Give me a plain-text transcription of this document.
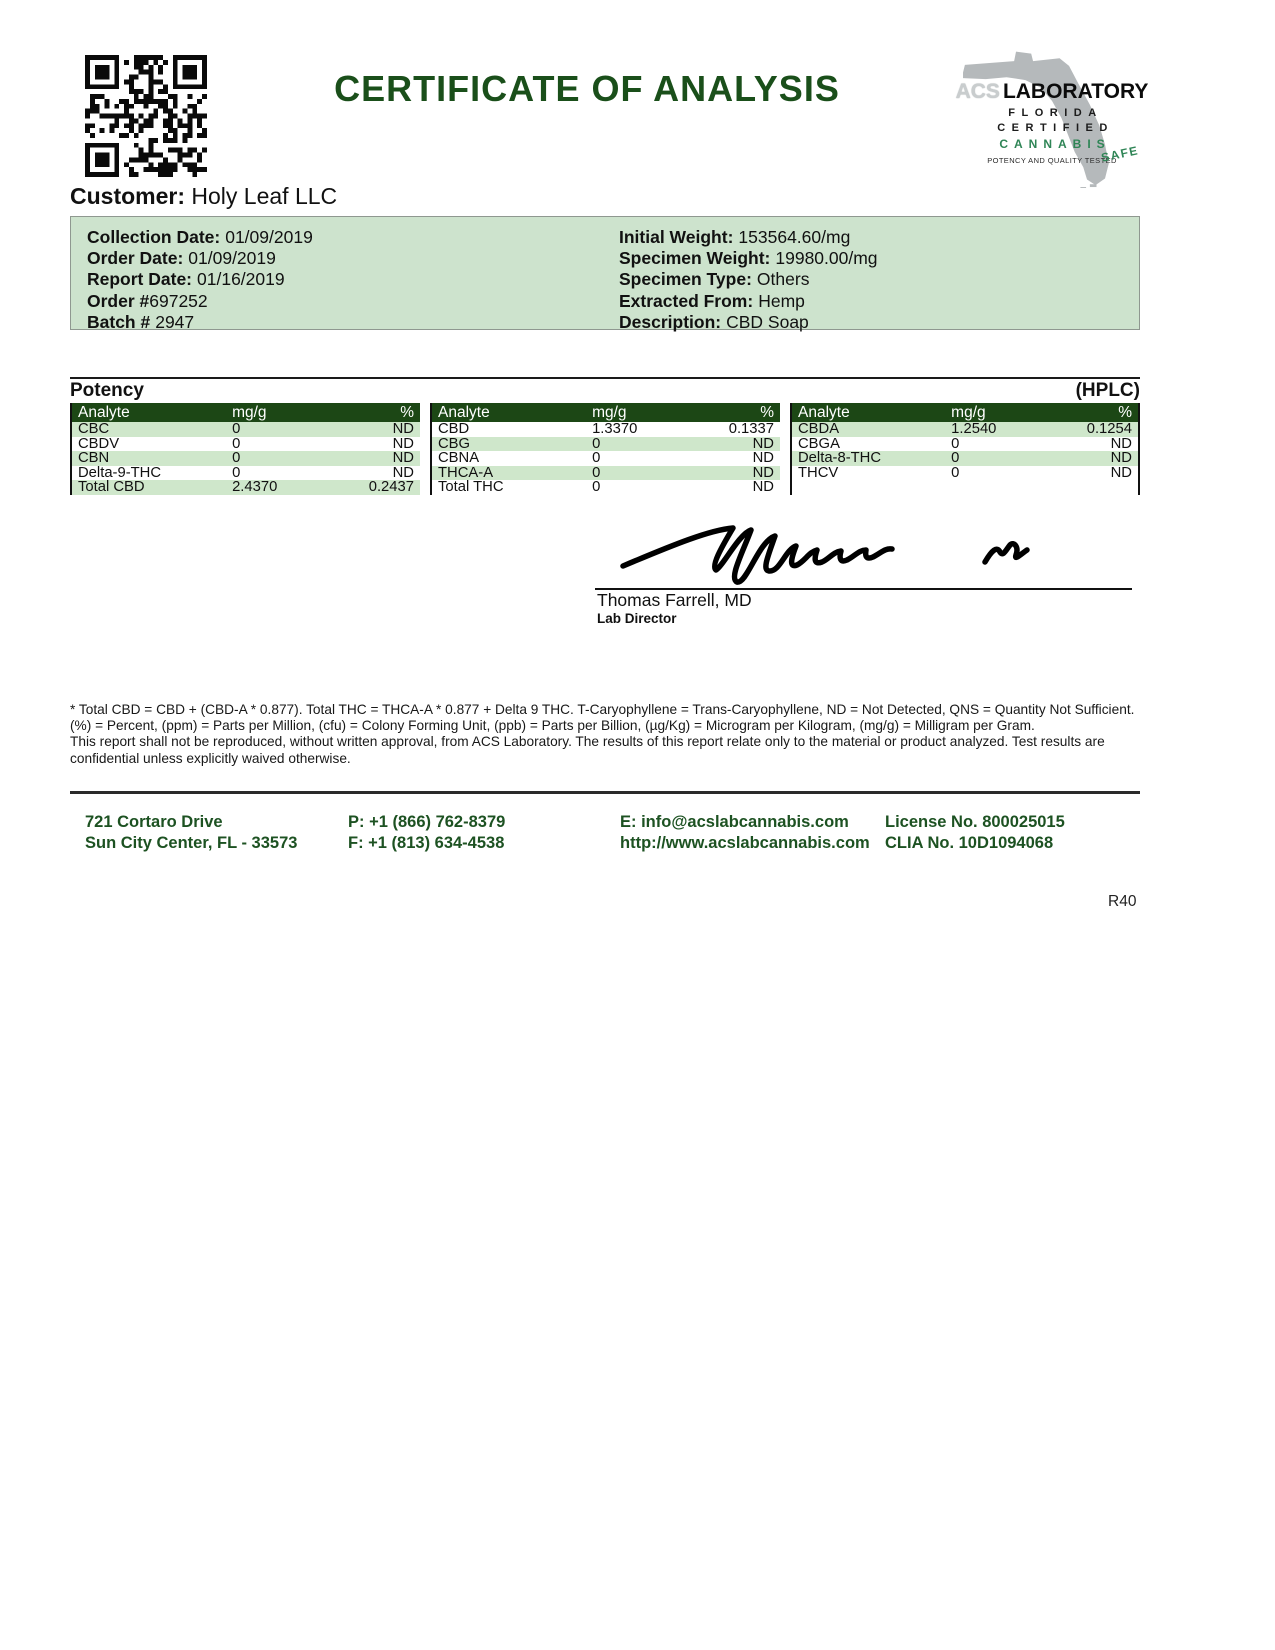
CERTIFICATE OF ANALYSIS	ACS LABORATORY
FLORIDA
CERTIFIED
CANNABIS
POTENCY AND QUALITY TESTED
SAFE
Customer: Holy Leaf LLC
Collection Date: 01/09/2019
Order Date: 01/09/2019
Report Date: 01/16/2019
Order #697252
Batch # 2947
Initial Weight: 153564.60/mg
Specimen Weight: 19980.00/mg
Specimen Type: Others
Extracted From: Hemp
Description: CBD Soap
Potency	(HPLC)
Analyte	mg/g	%
CBC	0	ND
CBDV	0	ND
CBN	0	ND
Delta-9-THC	0	ND
Total CBD	2.4370	0.2437
Analyte	mg/g	%
CBD	1.3370	0.1337
CBG	0	ND
CBNA	0	ND
THCA-A	0	ND
Total THC	0	ND
Analyte	mg/g	%
CBDA	1.2540	0.1254
CBGA	0	ND
Delta-8-THC	0	ND
THCV	0	ND
Thomas Farrell, MD
Lab Director

* Total CBD = CBD + (CBD-A * 0.877). Total THC = THCA-A * 0.877 + Delta 9 THC. T-Caryophyllene = Trans-Caryophyllene, ND = Not Detected, QNS = Quantity Not Sufficient. (%) = Percent, (ppm) = Parts per Million, (cfu) = Colony Forming Unit, (ppb) = Parts per Billion, (µg/Kg) = Microgram per Kilogram, (mg/g) = Milligram per Gram.

This report shall not be reproduced, without written approval, from ACS Laboratory. The results of this report relate only to the material or product analyzed. Test results are confidential unless explicitly waived otherwise.

721 Cortaro Drive
Sun City Center, FL - 33573
P: +1 (866) 762-8379
F: +1 (813) 634-4538
E: info@acslabcannabis.com
http://www.acslabcannabis.com
License No. 800025015
CLIA No. 10D1094068
R40
